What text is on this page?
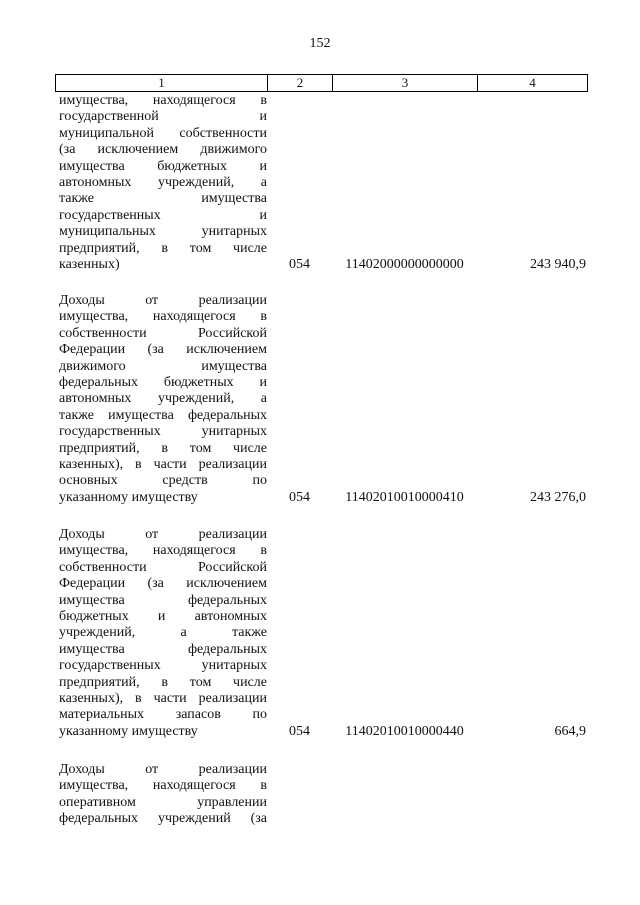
152
1	2	3	4
имущества, находящегося в
государственной и
муниципальной собственности
(за исключением движимого
имущества бюджетных и
автономных учреждений, а
также имущества
государственных и
муниципальных унитарных
предприятий, в том числе
казенных)	054	11402000000000000	243 940,9
Доходы от реализации
имущества, находящегося в
собственности Российской
Федерации (за исключением
движимого имущества
федеральных бюджетных и
автономных учреждений, а
также имущества федеральных
государственных унитарных
предприятий, в том числе
казенных), в части реализации
основных средств по
указанному имуществу	054	11402010010000410	243 276,0
Доходы от реализации
имущества, находящегося в
собственности Российской
Федерации (за исключением
имущества федеральных
бюджетных и автономных
учреждений, а также
имущества федеральных
государственных унитарных
предприятий, в том числе
казенных), в части реализации
материальных запасов по
указанному имуществу	054	11402010010000440	664,9
Доходы от реализации
имущества, находящегося в
оперативном управлении
федеральных учреждений (за
